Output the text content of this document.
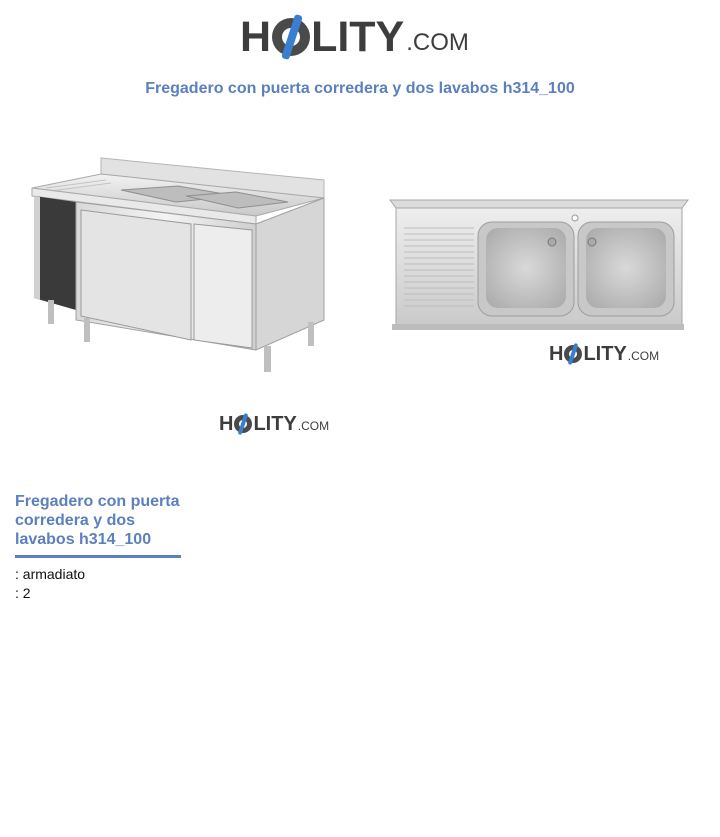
H LITY .COM
Fregadero con puerta corredera y dos lavabos h314_100
H LITY .COM
H LITY .COM
Fregadero con puerta corredera y dos lavabos h314_100
: armadiato
: 2
